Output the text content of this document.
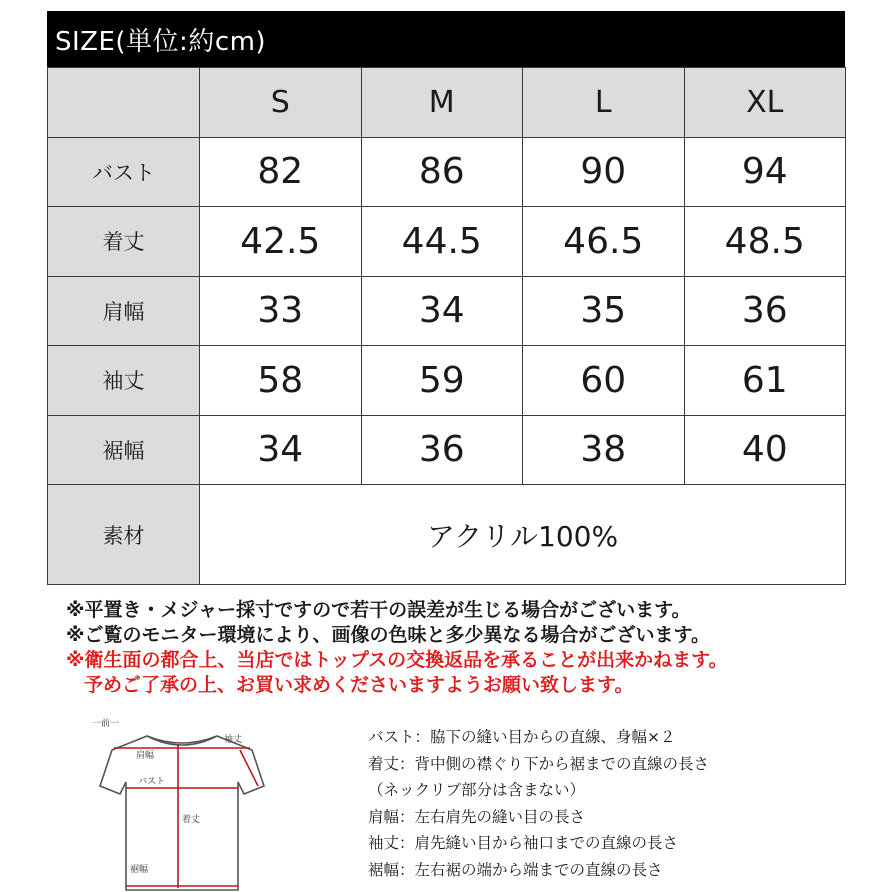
SIZE(単位:約cm)
	S	M	L	XL
バスト	82	86	90	94
着丈	42.5	44.5	46.5	48.5
肩幅	33	34	35	36
袖丈	58	59	60	61
裾幅	34	36	38	40
素材	アクリル100%			
※平置き・メジャー採寸ですので若干の誤差が生じる場合がございます。
※ご覧のモニター環境により、画像の色味と多少異なる場合がございます。
※衛生面の都合上、当店ではトップスの交換返品を承ることが出来かねます。
予めご了承の上、お買い求めくださいますようお願い致します。
一前一
肩幅
袖丈
バスト
着丈
裾幅
バスト：脇下の縫い目からの直線、身幅×２
着丈：背中側の襟ぐり下から裾までの直線の長さ
（ネックリブ部分は含まない）
肩幅：左右肩先の縫い目の長さ
袖丈：肩先縫い目から袖口までの直線の長さ
裾幅：左右裾の端から端までの直線の長さ
